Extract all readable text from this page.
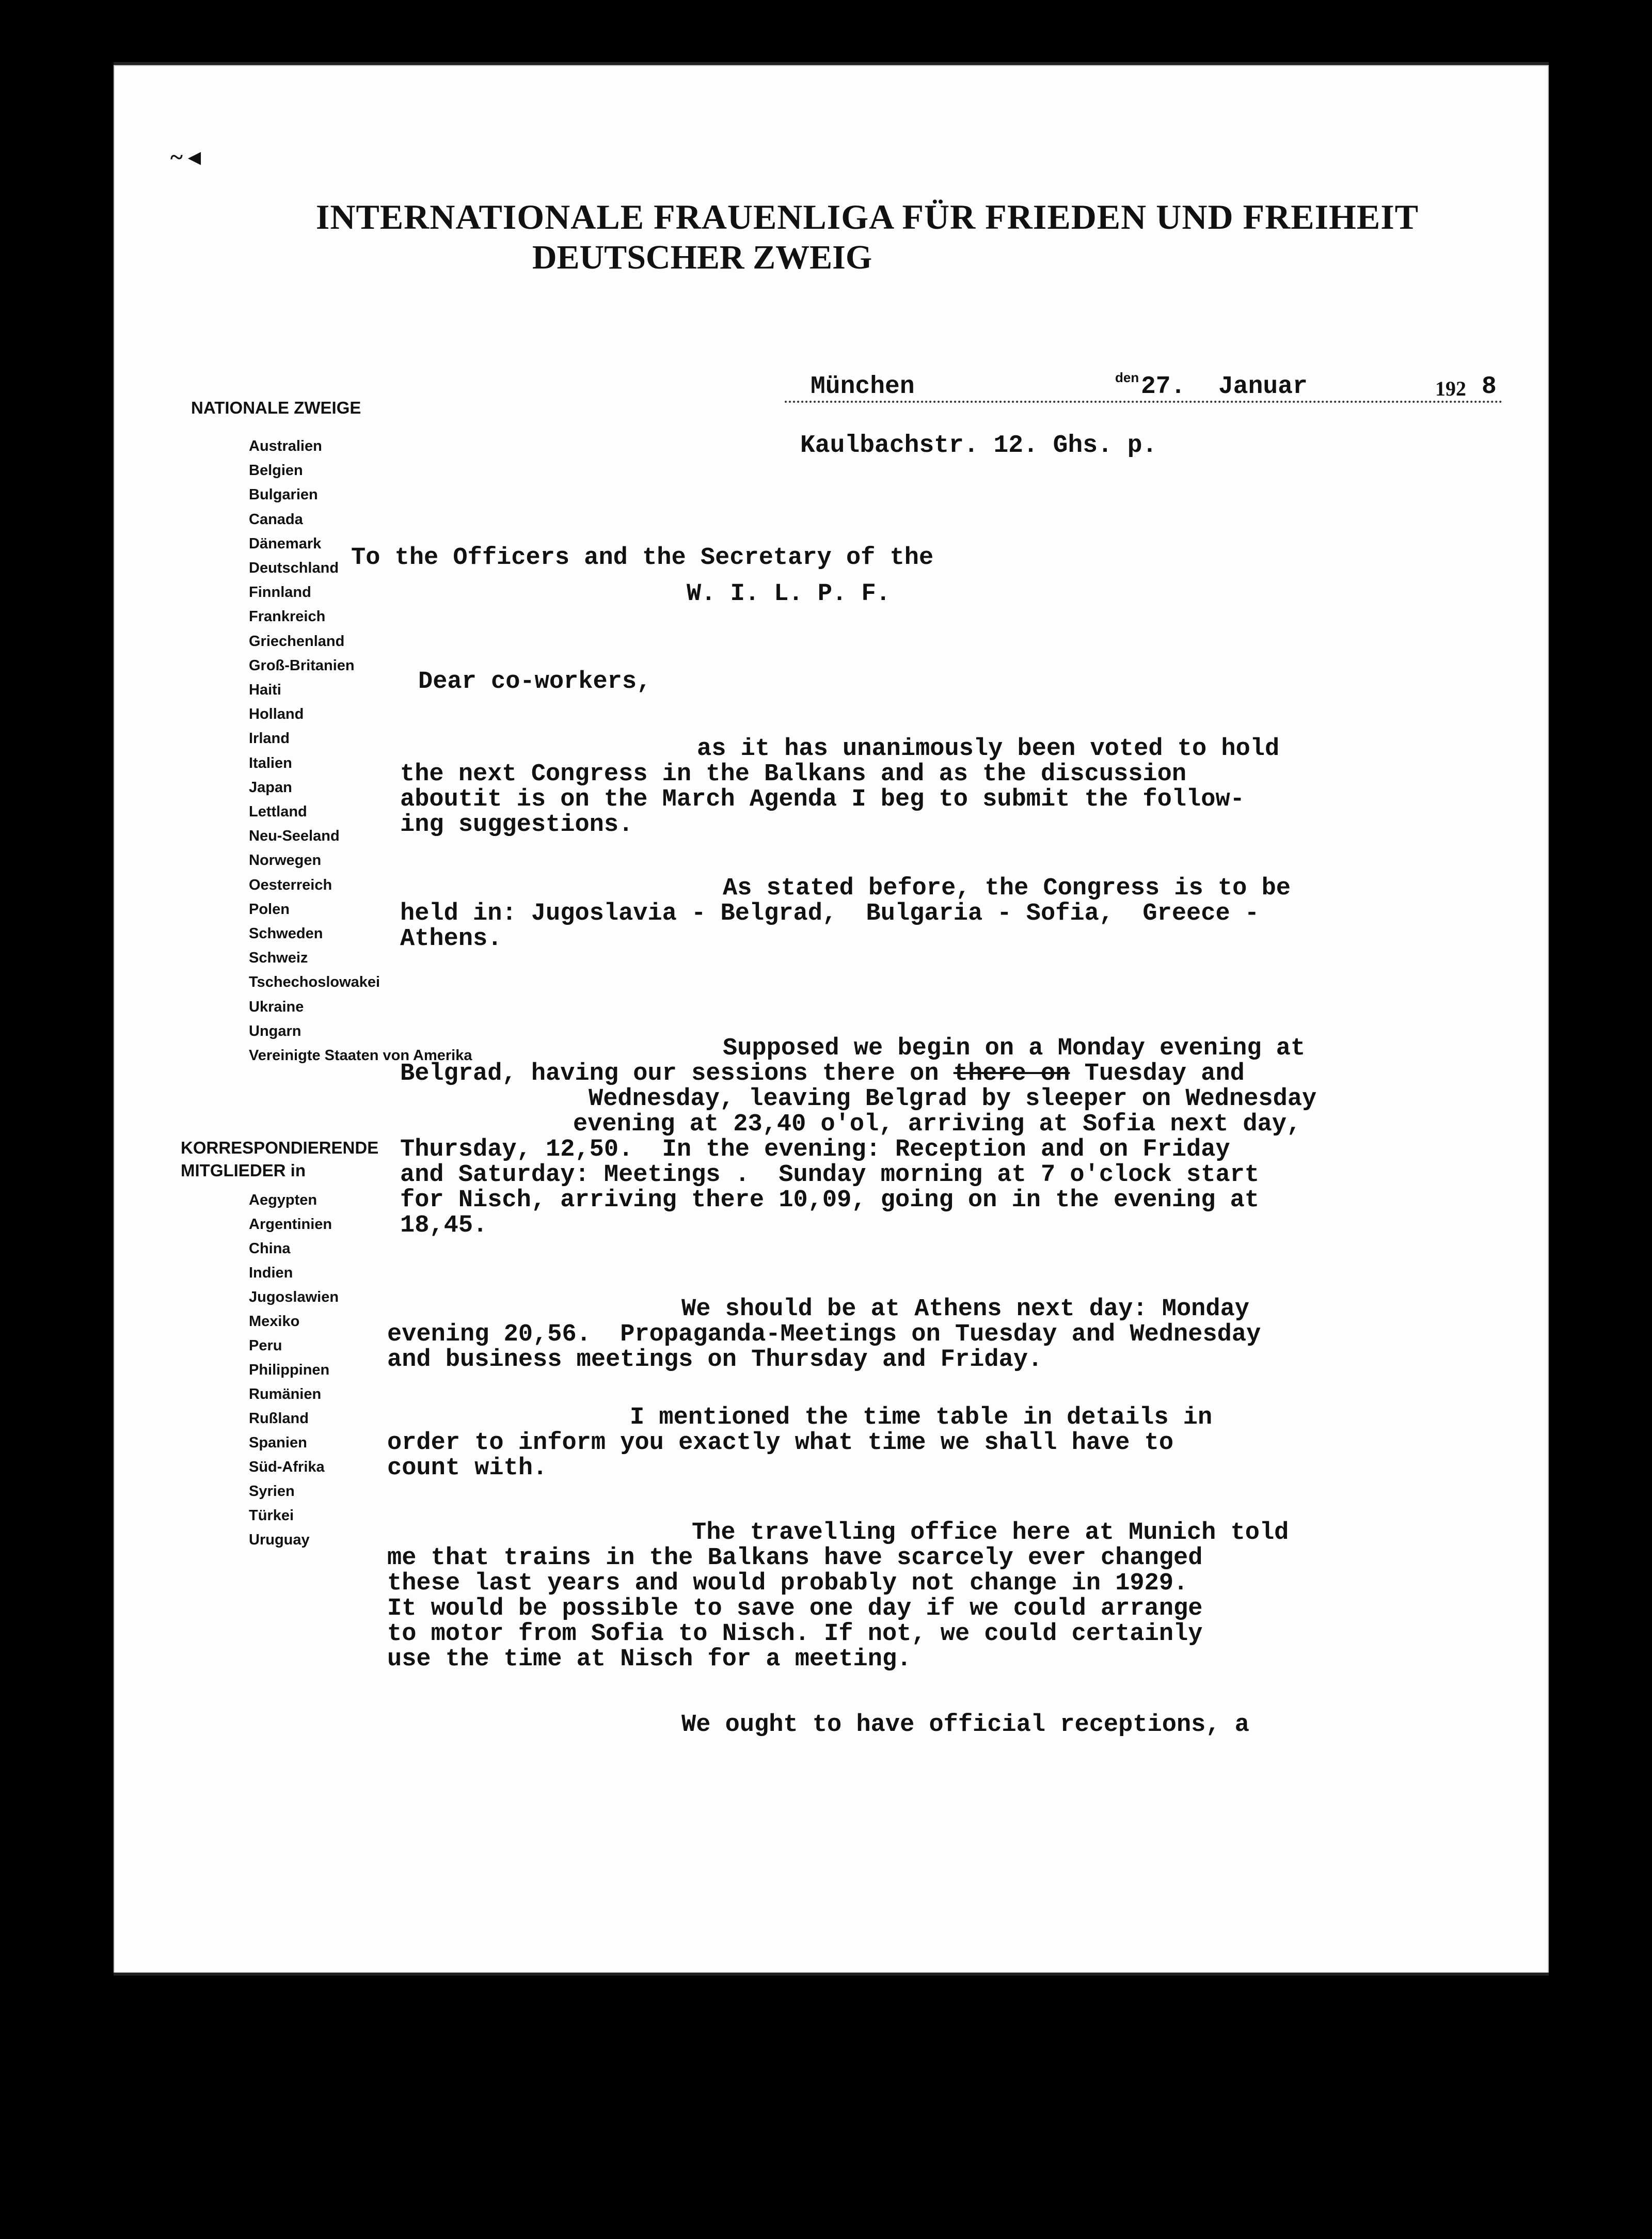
~ ◂
INTERNATIONALE FRAUENLIGA FÜR FRIEDEN UND FREIHEIT
DEUTSCHER ZWEIG
München	den 27. Januar	192 8
Kaulbachstr. 12. Ghs. p.
NATIONALE ZWEIGE
Australien
Belgien
Bulgarien
Canada
Dänemark
Deutschland
Finnland
Frankreich
Griechenland
Groß-Britanien
Haiti
Holland
Irland
Italien
Japan
Lettland
Neu-Seeland
Norwegen
Oesterreich
Polen
Schweden
Schweiz
Tschechoslowakei
Ukraine
Ungarn
Vereinigte Staaten von Amerika
KORRESPONDIERENDE
MITGLIEDER in
Aegypten
Argentinien
China
Indien
Jugoslawien
Mexiko
Peru
Philippinen
Rumänien
Rußland
Spanien
Süd-Afrika
Syrien
Türkei
Uruguay
To the Officers and the Secretary of the
W. I. L. P. F.
Dear co-workers,
as it has unanimously been voted to hold
the next Congress in the Balkans and as the discussion
aboutit is on the March Agenda I beg to submit the follow-
ing suggestions.
As stated before, the Congress is to be
held in: Jugoslavia - Belgrad,  Bulgaria - Sofia,  Greece -
Athens.
Supposed we begin on a Monday evening at
Belgrad, having our sessions there on there on Tuesday and
Wednesday, leaving Belgrad by sleeper on Wednesday
evening at 23,40 o'ol, arriving at Sofia next day,
Thursday, 12,50.  In the evening: Reception and on Friday
and Saturday: Meetings .  Sunday morning at 7 o'clock start
for Nisch, arriving there 10,09, going on in the evening at
18,45.
We should be at Athens next day: Monday
evening 20,56.  Propaganda-Meetings on Tuesday and Wednesday
and business meetings on Thursday and Friday.
I mentioned the time table in details in
order to inform you exactly what time we shall have to
count with.
The travelling office here at Munich told
me that trains in the Balkans have scarcely ever changed
these last years and would probably not change in 1929.
It would be possible to save one day if we could arrange
to motor from Sofia to Nisch. If not, we could certainly
use the time at Nisch for a meeting.
We ought to have official receptions, a
